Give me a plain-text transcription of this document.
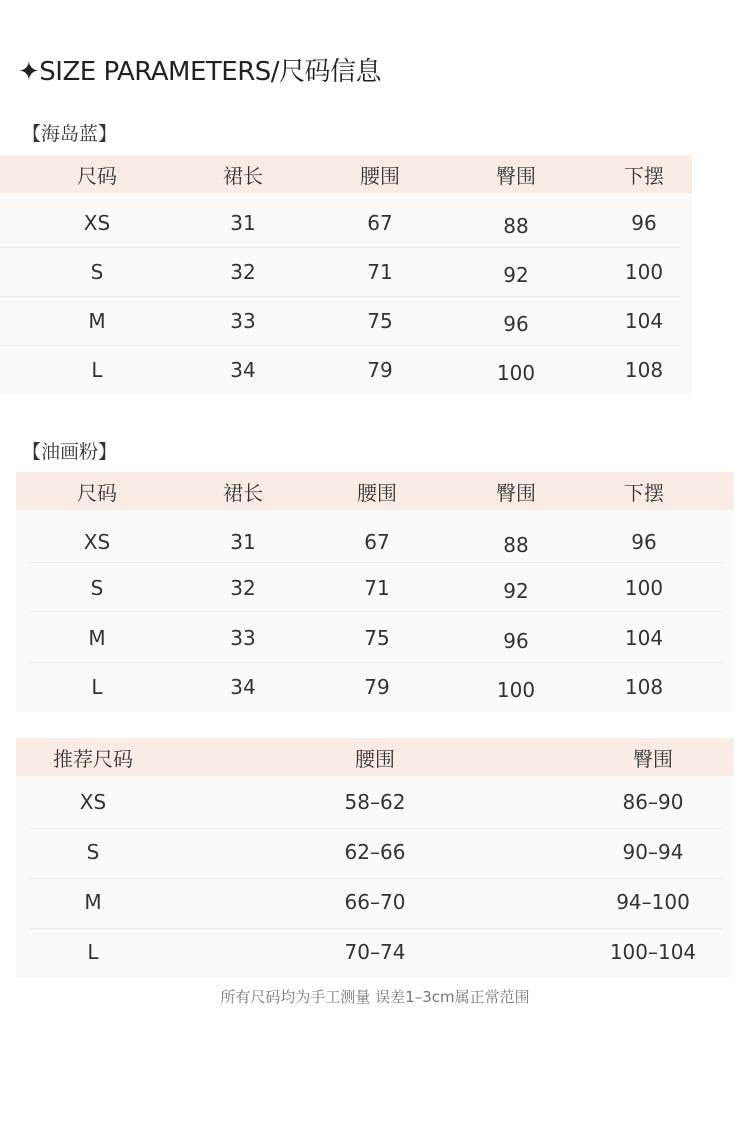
✦SIZE PARAMETERS/尺码信息
【海岛蓝】
尺码	裙长	腰围	臀围	下摆
XS	31	67	88	96
S	32	71	92	100
M	33	75	96	104
L	34	79	100	108
【油画粉】
尺码	裙长	腰围	臀围	下摆
XS	31	67	88	96
S	32	71	92	100
M	33	75	96	104
L	34	79	100	108
推荐尺码	腰围	臀围
XS	58–62	86–90
S	62–66	90–94
M	66–70	94–100
L	70–74	100–104
所有尺码均为手工测量 误差1–3cm属正常范围
